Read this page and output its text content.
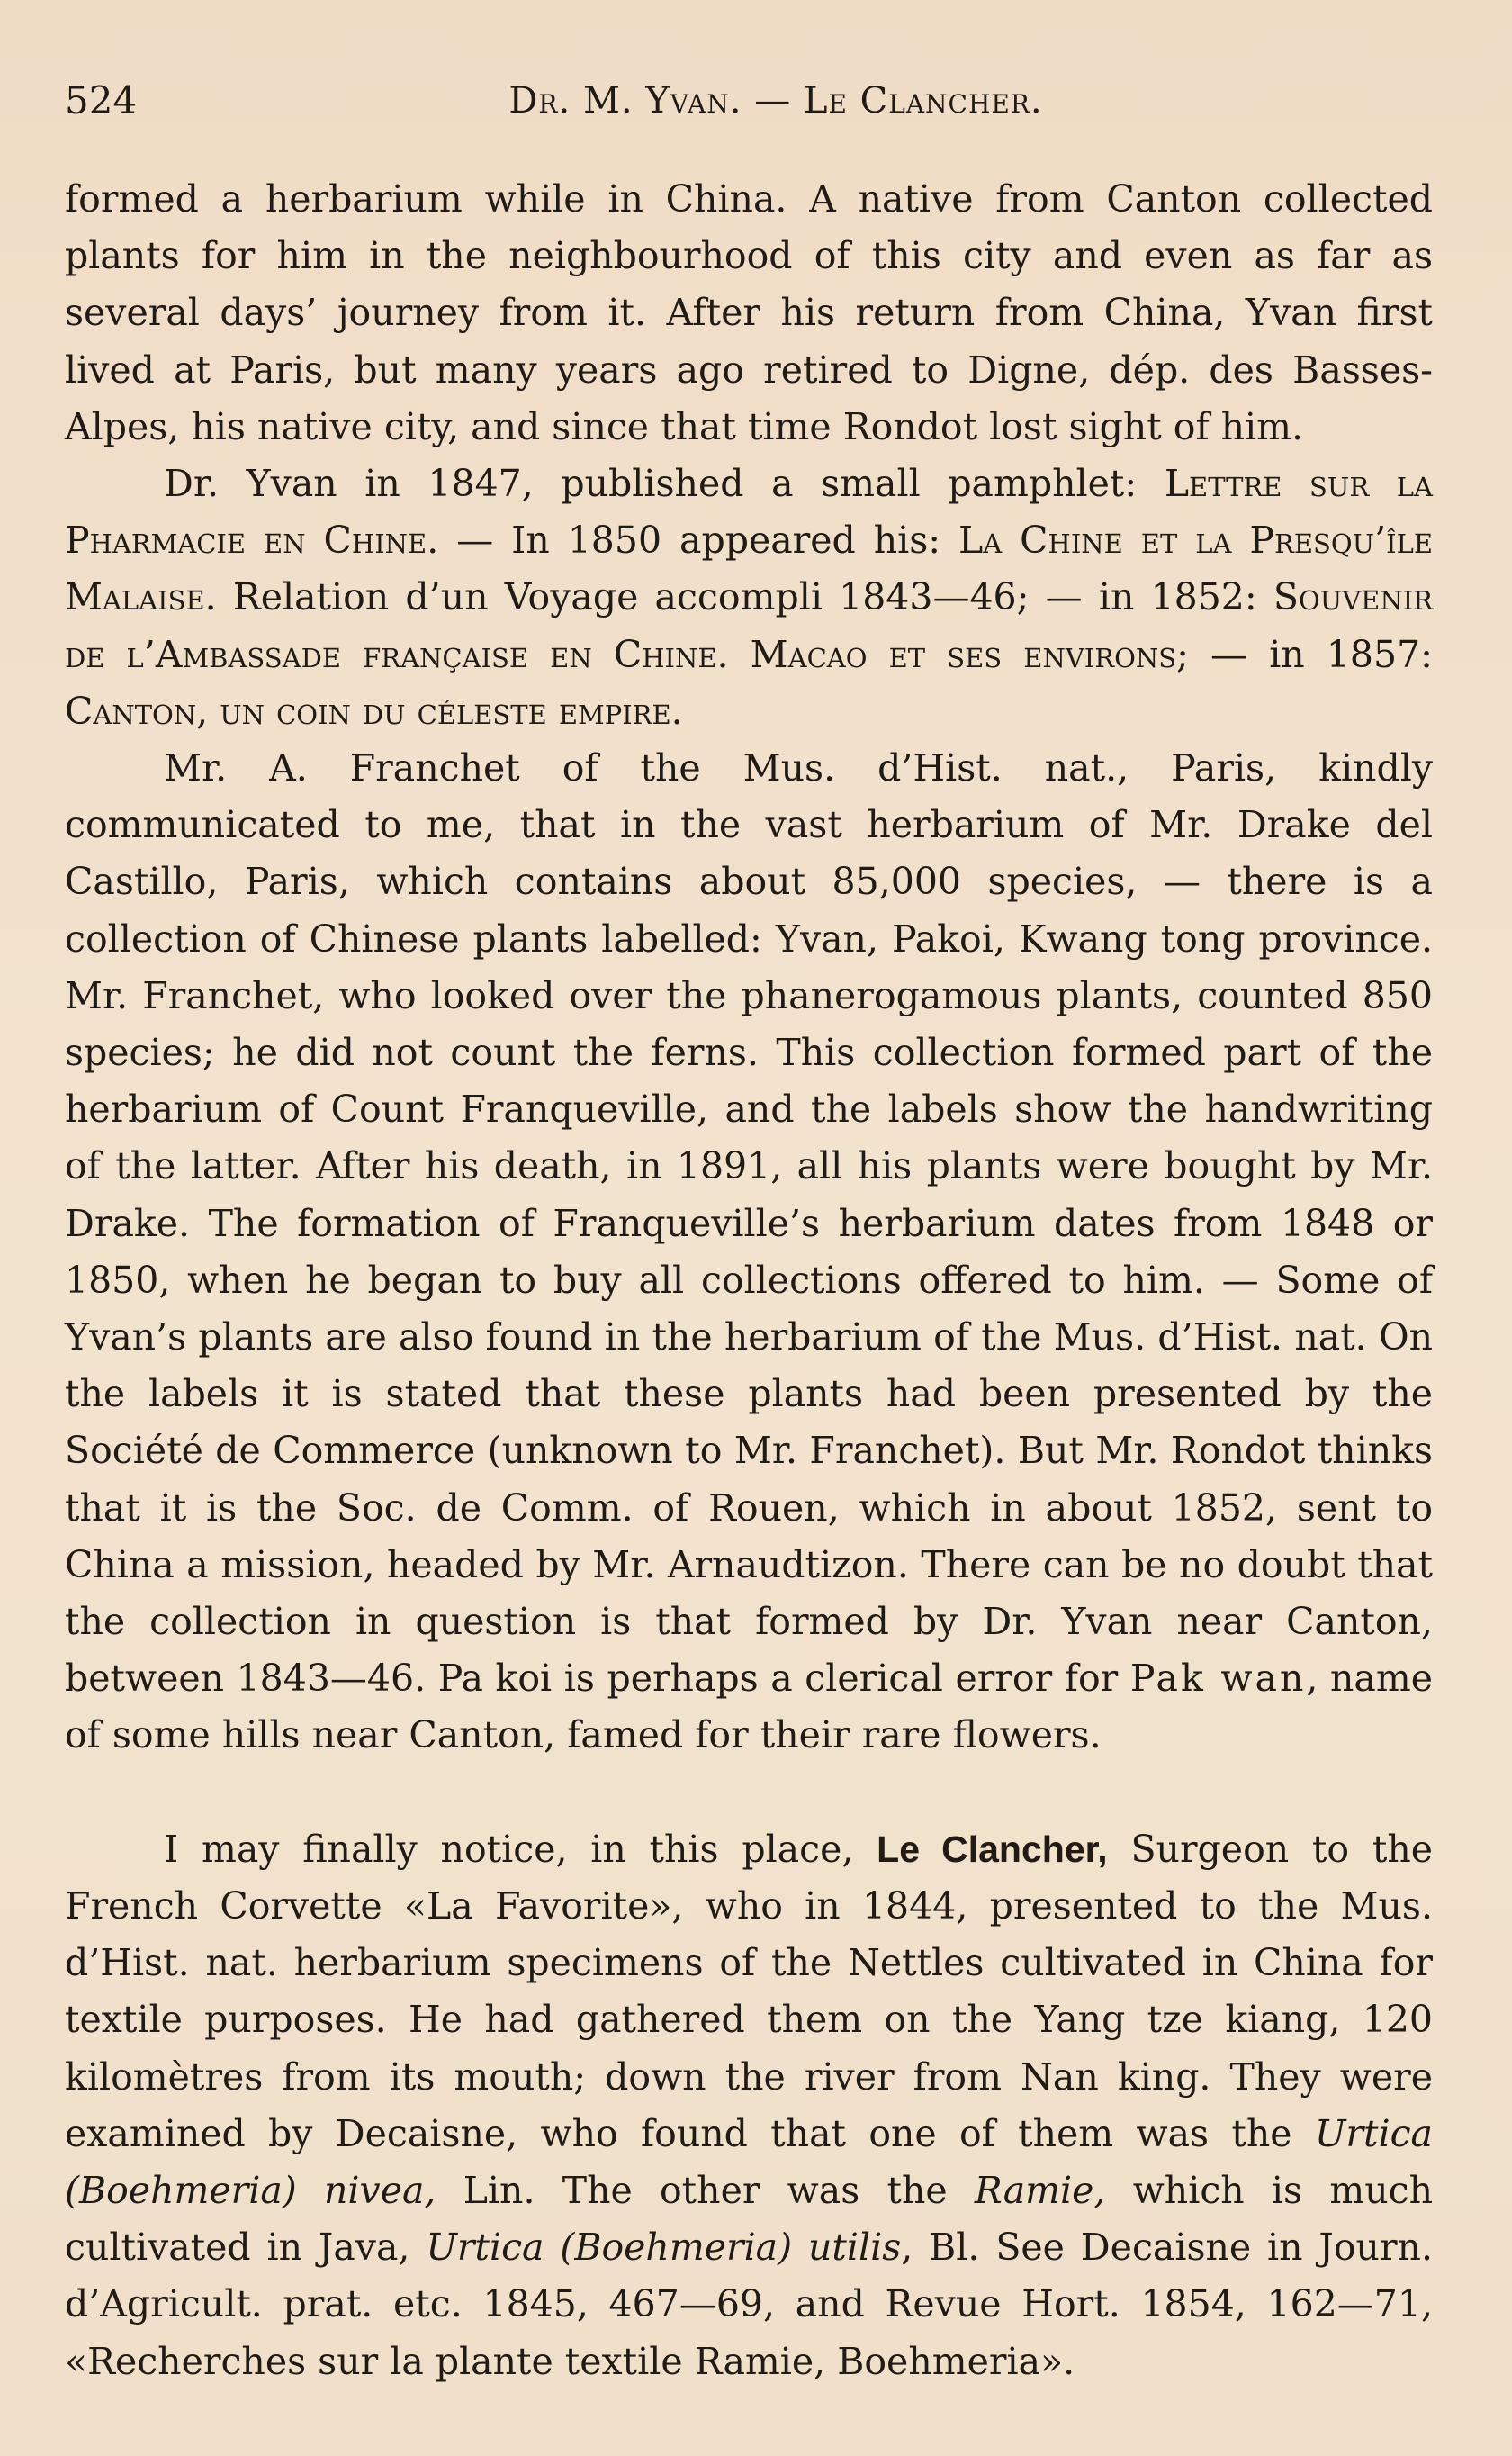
524	Dr. M. Yvan. — Le Clancher.

formed a herbarium while in China. A native from Canton collected plants for him in the neighbourhood of this city and even as far as several days’ journey from it. After his return from China, Yvan first lived at Paris, but many years ago retired to Digne, dép. des Basses-Alpes, his native city, and since that time Rondot lost sight of him.

Dr. Yvan in 1847, published a small pamphlet: Lettre sur la Pharmacie en Chine. — In 1850 appeared his: La Chine et la Presqu’île Malaise. Relation d’un Voyage accompli 1843—46; — in 1852: Souvenir de l’Ambassade française en Chine. Macao et ses environs; — in 1857: Canton, un coin du céleste empire.

Mr. A. Franchet of the Mus. d’Hist. nat., Paris, kindly communicated to me, that in the vast herbarium of Mr. Drake del Castillo, Paris, which contains about 85,000 species, — there is a collection of Chinese plants labelled: Yvan, Pakoi, Kwang tong province. Mr. Franchet, who looked over the phanerogamous plants, counted 850 species; he did not count the ferns. This collection formed part of the herbarium of Count Franqueville, and the labels show the handwriting of the latter. After his death, in 1891, all his plants were bought by Mr. Drake. The formation of Franqueville’s herbarium dates from 1848 or 1850, when he began to buy all collections offered to him. — Some of Yvan’s plants are also found in the herbarium of the Mus. d’Hist. nat. On the labels it is stated that these plants had been presented by the Société de Commerce (unknown to Mr. Franchet). But Mr. Rondot thinks that it is the Soc. de Comm. of Rouen, which in about 1852, sent to China a mission, headed by Mr. Arnaudtizon. There can be no doubt that the collection in question is that formed by Dr. Yvan near Canton, between 1843—46. Pa koi is perhaps a clerical error for Pak wan, name of some hills near Canton, famed for their rare flowers.

I may finally notice, in this place, Le Clancher, Surgeon to the French Corvette «La Favorite», who in 1844, presented to the Mus. d’Hist. nat. herbarium specimens of the Nettles cultivated in China for textile purposes. He had gathered them on the Yang tze kiang, 120 kilomètres from its mouth; down the river from Nan king. They were examined by Decaisne, who found that one of them was the Urtica (Boehmeria) nivea, Lin. The other was the Ramie, which is much cultivated in Java, Urtica (Boehmeria) utilis, Bl. See Decaisne in Journ. d’Agricult. prat. etc. 1845, 467—69, and Revue Hort. 1854, 162—71, «Recherches sur la plante textile Ramie, Boehmeria».
